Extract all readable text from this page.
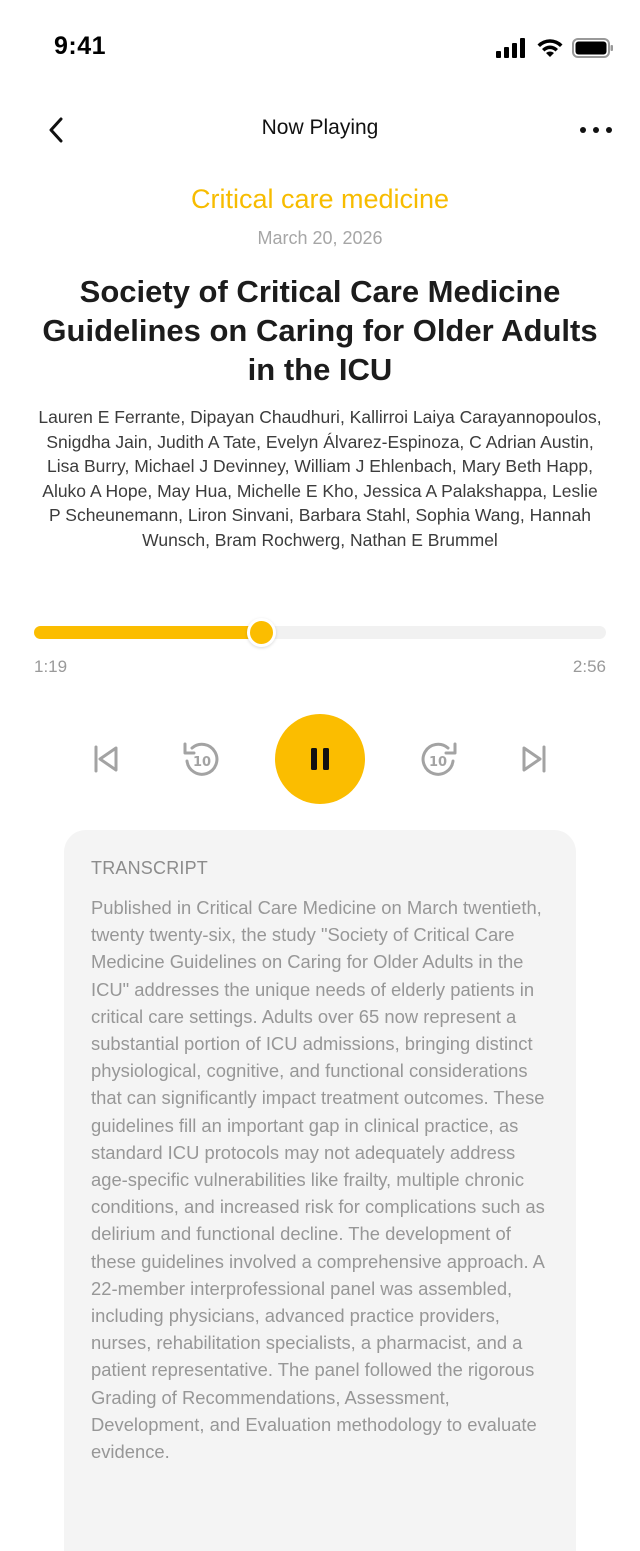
9:41
Now Playing
Critical care medicine
March 20, 2026
Society of Critical Care Medicine Guidelines on Caring for Older Adults in the ICU
Lauren E Ferrante, Dipayan Chaudhuri, Kallirroi Laiya Carayannopoulos, Snigdha Jain, Judith A Tate, Evelyn Álvarez-Espinoza, C Adrian Austin, Lisa Burry, Michael J Devinney, William J Ehlenbach, Mary Beth Happ, Aluko A Hope, May Hua, Michelle E Kho, Jessica A Palakshappa, Leslie P Scheunemann, Liron Sinvani, Barbara Stahl, Sophia Wang, Hannah Wunsch, Bram Rochwerg, Nathan E Brummel
1:19	2:56
10	10
TRANSCRIPT
Published in Critical Care Medicine on March twentieth, twenty twenty-six, the study "Society of Critical Care Medicine Guidelines on Caring for Older Adults in the ICU" addresses the unique needs of elderly patients in critical care settings. Adults over 65 now represent a substantial portion of ICU admissions, bringing distinct physiological, cognitive, and functional considerations that can significantly impact treatment outcomes. These guidelines fill an important gap in clinical practice, as standard ICU protocols may not adequately address age-specific vulnerabilities like frailty, multiple chronic conditions, and increased risk for complications such as delirium and functional decline. The development of these guidelines involved a comprehensive approach. A 22-member interprofessional panel was assembled, including physicians, advanced practice providers, nurses, rehabilitation specialists, a pharmacist, and a patient representative. The panel followed the rigorous Grading of Recommendations, Assessment, Development, and Evaluation methodology to evaluate evidence.
